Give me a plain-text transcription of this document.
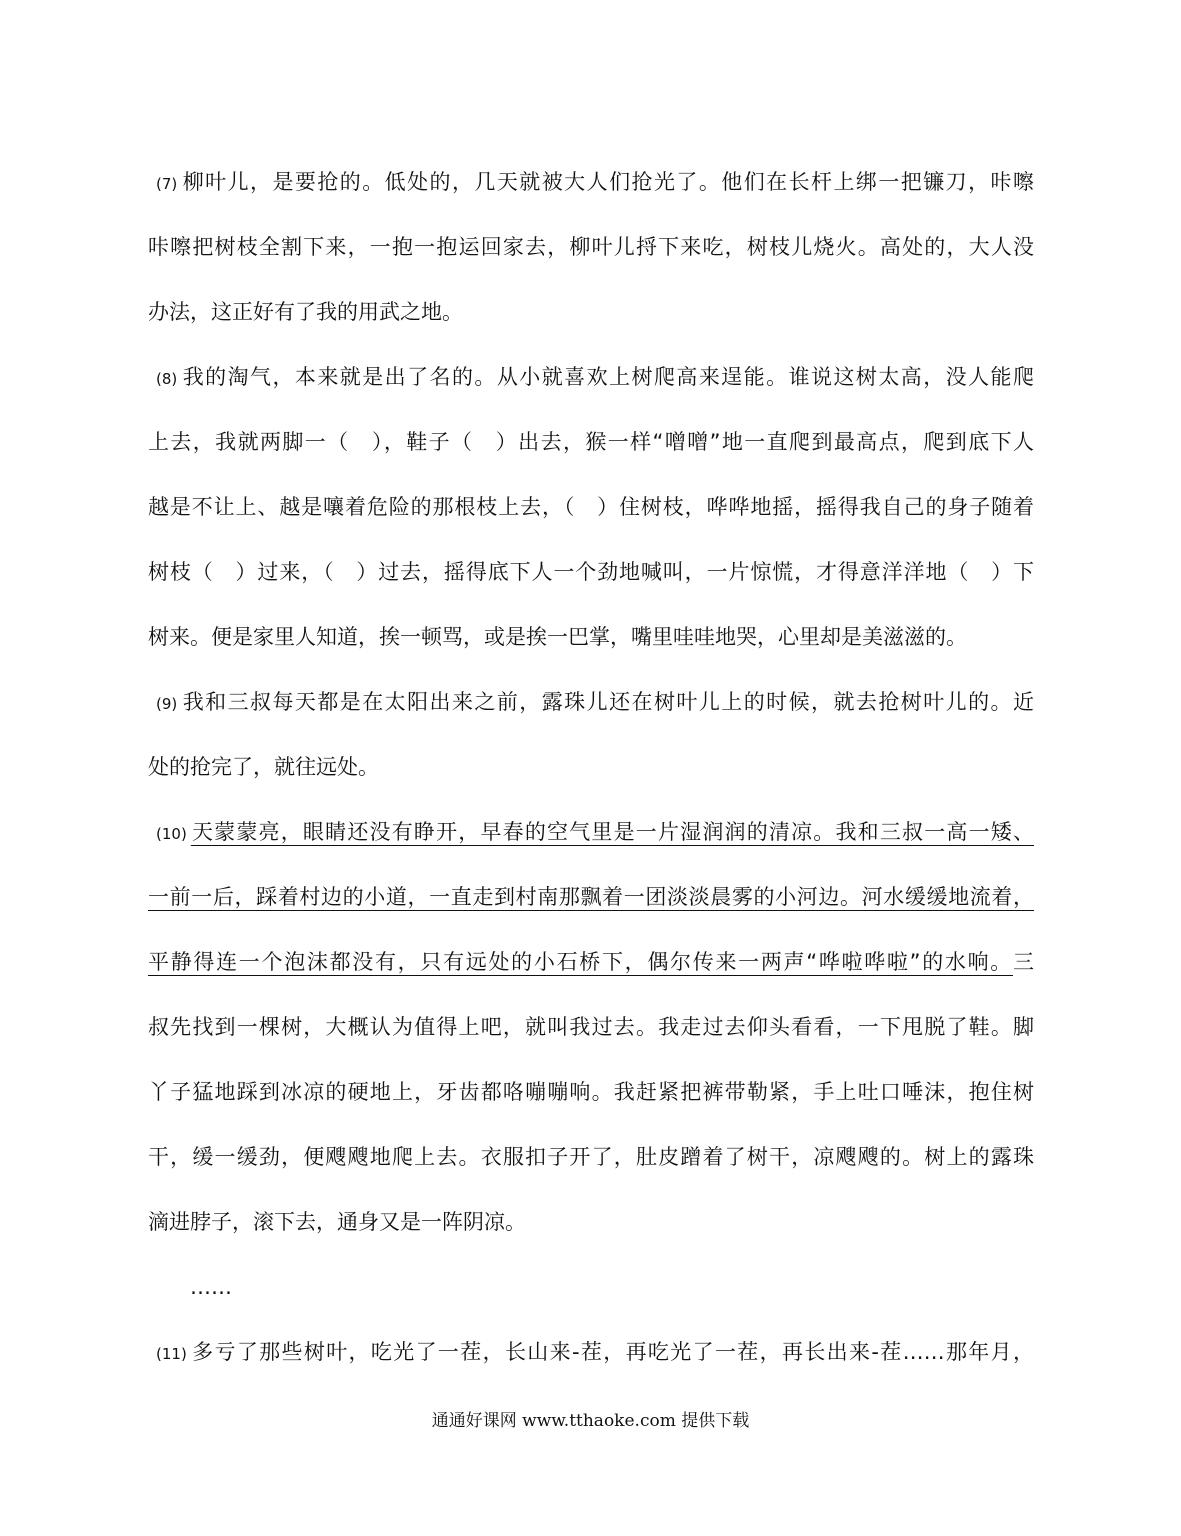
(7) 柳叶儿，是要抢的。低处的，几天就被大人们抢光了。他们在长杆上绑一把镰刀，咔嚓
咔嚓把树枝全割下来，一抱一抱运回家去，柳叶儿捋下来吃，树枝儿烧火。高处的，大人没
办法，这正好有了我的用武之地。
(8) 我的淘气，本来就是出了名的。从小就喜欢上树爬高来逞能。谁说这树太高，没人能爬
上去，我就两脚一（　），鞋子（　）出去，猴一样“噌噌”地一直爬到最高点，爬到底下人
越是不让上、越是嚷着危险的那根枝上去，（　）住树枝，哗哗地摇，摇得我自己的身子随着
树枝（　）过来，（　）过去，摇得底下人一个劲地喊叫，一片惊慌，才得意洋洋地（　）下
树来。便是家里人知道，挨一顿骂，或是挨一巴掌，嘴里哇哇地哭，心里却是美滋滋的。
(9) 我和三叔每天都是在太阳出来之前，露珠儿还在树叶儿上的时候，就去抢树叶儿的。近
处的抢完了，就往远处。
(10) 天蒙蒙亮，眼睛还没有睁开，早春的空气里是一片湿润润的清凉。我和三叔一高一矮、
一前一后，踩着村边的小道，一直走到村南那飘着一团淡淡晨雾的小河边。河水缓缓地流着，
平静得连一个泡沫都没有，只有远处的小石桥下，偶尔传来一两声“哗啦哗啦”的水响。三
叔先找到一棵树，大概认为值得上吧，就叫我过去。我走过去仰头看看，一下甩脱了鞋。脚
丫子猛地踩到冰凉的硬地上，牙齿都咯嘣嘣响。我赶紧把裤带勒紧，手上吐口唾沫，抱住树
干，缓一缓劲，便飕飕地爬上去。衣服扣子开了，肚皮蹭着了树干，凉飕飕的。树上的露珠
滴进脖子，滚下去，通身又是一阵阴凉。
……
(11) 多亏了那些树叶，吃光了一茬，长山来-茬，再吃光了一茬，再长出来-茬……那年月，
通通好课网 www.tthaoke.com 提供下载
